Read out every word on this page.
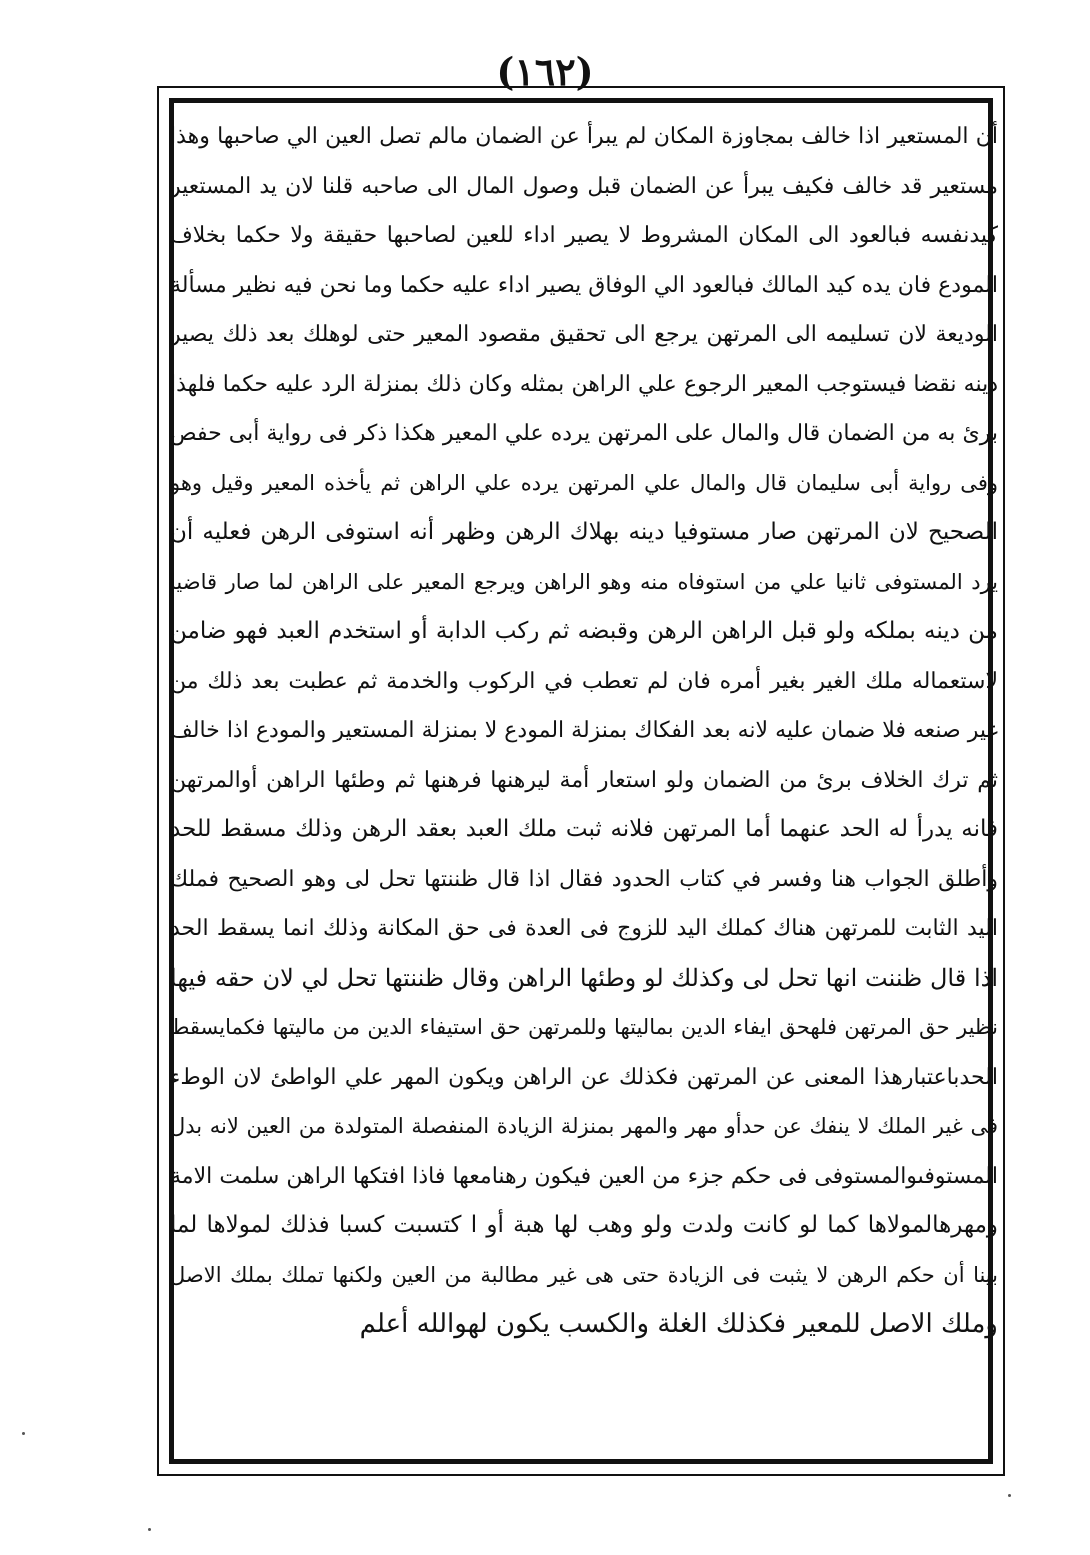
(١٦٢)
أن المستعير اذا خالف بمجاوزة المكان لم يبرأ عن الضمان مالم تصل العين الي صاحبها وهذا
مستعير قد خالف فكيف يبرأ عن الضمان قبل وصول المال الى صاحبه قلنا لان يد المستعير
كيدنفسه فبالعود الى المكان المشروط لا يصير اداء للعين لصاحبها حقيقة ولا حكما بخلاف
المودع فان يده كيد المالك فبالعود الي الوفاق يصير اداء عليه حكما وما نحن فيه نظير مسألة
الوديعة لان تسليمه الى المرتهن يرجع الى تحقيق مقصود المعير حتى لوهلك بعد ذلك يصير
دينه نقضا فيستوجب المعير الرجوع علي الراهن بمثله وكان ذلك بمنزلة الرد عليه حكما فلهذا
برئ به من الضمان قال والمال على المرتهن يرده علي المعير هكذا ذكر فى رواية أبى حفص
وفى رواية أبى سليمان قال والمال علي المرتهن يرده علي الراهن ثم يأخذه المعير وقيل وهو
الصحيح لان المرتهن صار مستوفيا دينه بهلاك الرهن وظهر أنه استوفى الرهن فعليه أن
يرد المستوفى ثانيا علي من استوفاه منه وهو الراهن ويرجع المعير على الراهن لما صار قاضيا
من دينه بملكه ولو قبل الراهن الرهن وقبضه ثم ركب الدابة أو استخدم العبد فهو ضامن
لاستعماله ملك الغير بغير أمره فان لم تعطب في الركوب والخدمة ثم عطبت بعد ذلك من
غير صنعه فلا ضمان عليه لانه بعد الفكاك بمنزلة المودع لا بمنزلة المستعير والمودع اذا خالف
ثم ترك الخلاف برئ من الضمان ولو استعار أمة ليرهنها فرهنها ثم وطئها الراهن أوالمرتهن
فانه يدرأ له الحد عنهما أما المرتهن فلانه ثبت ملك العبد بعقد الرهن وذلك مسقط للحد
وأطلق الجواب هنا وفسر في كتاب الحدود فقال اذا قال ظننتها تحل لى وهو الصحيح فملك
اليد الثابت للمرتهن هناك كملك اليد للزوج فى العدة فى حق المكانة وذلك انما يسقط الحد
اذا قال ظننت انها تحل لى وكذلك لو وطئها الراهن وقال ظننتها تحل لي لان حقه فيها
نظير حق المرتهن فلهحق ايفاء الدين بماليتها وللمرتهن حق استيفاء الدين من ماليتها فكمايسقط
الحدباعتبارهذا المعنى عن المرتهن فكذلك عن الراهن ويكون المهر علي الواطئ لان الوطء
فى غير الملك لا ينفك عن حدأو مهر والمهر بمنزلة الزيادة المنفصلة المتولدة من العين لانه بدل
المستوفىوالمستوفى فى حكم جزء من العين فيكون رهنامعها فاذا افتكها الراهن سلمت الامة
ومهرهالمولاها كما لو كانت ولدت ولو وهب لها هبة أو ا كتسبت كسبا فذلك لمولاها لما
بينا أن حكم الرهن لا يثبت فى الزيادة حتى هى غير مطالبة من العين ولكنها تملك بملك الاصل
وملك الاصل للمعير فكذلك الغلة والكسب يكون لهوالله أعلم
